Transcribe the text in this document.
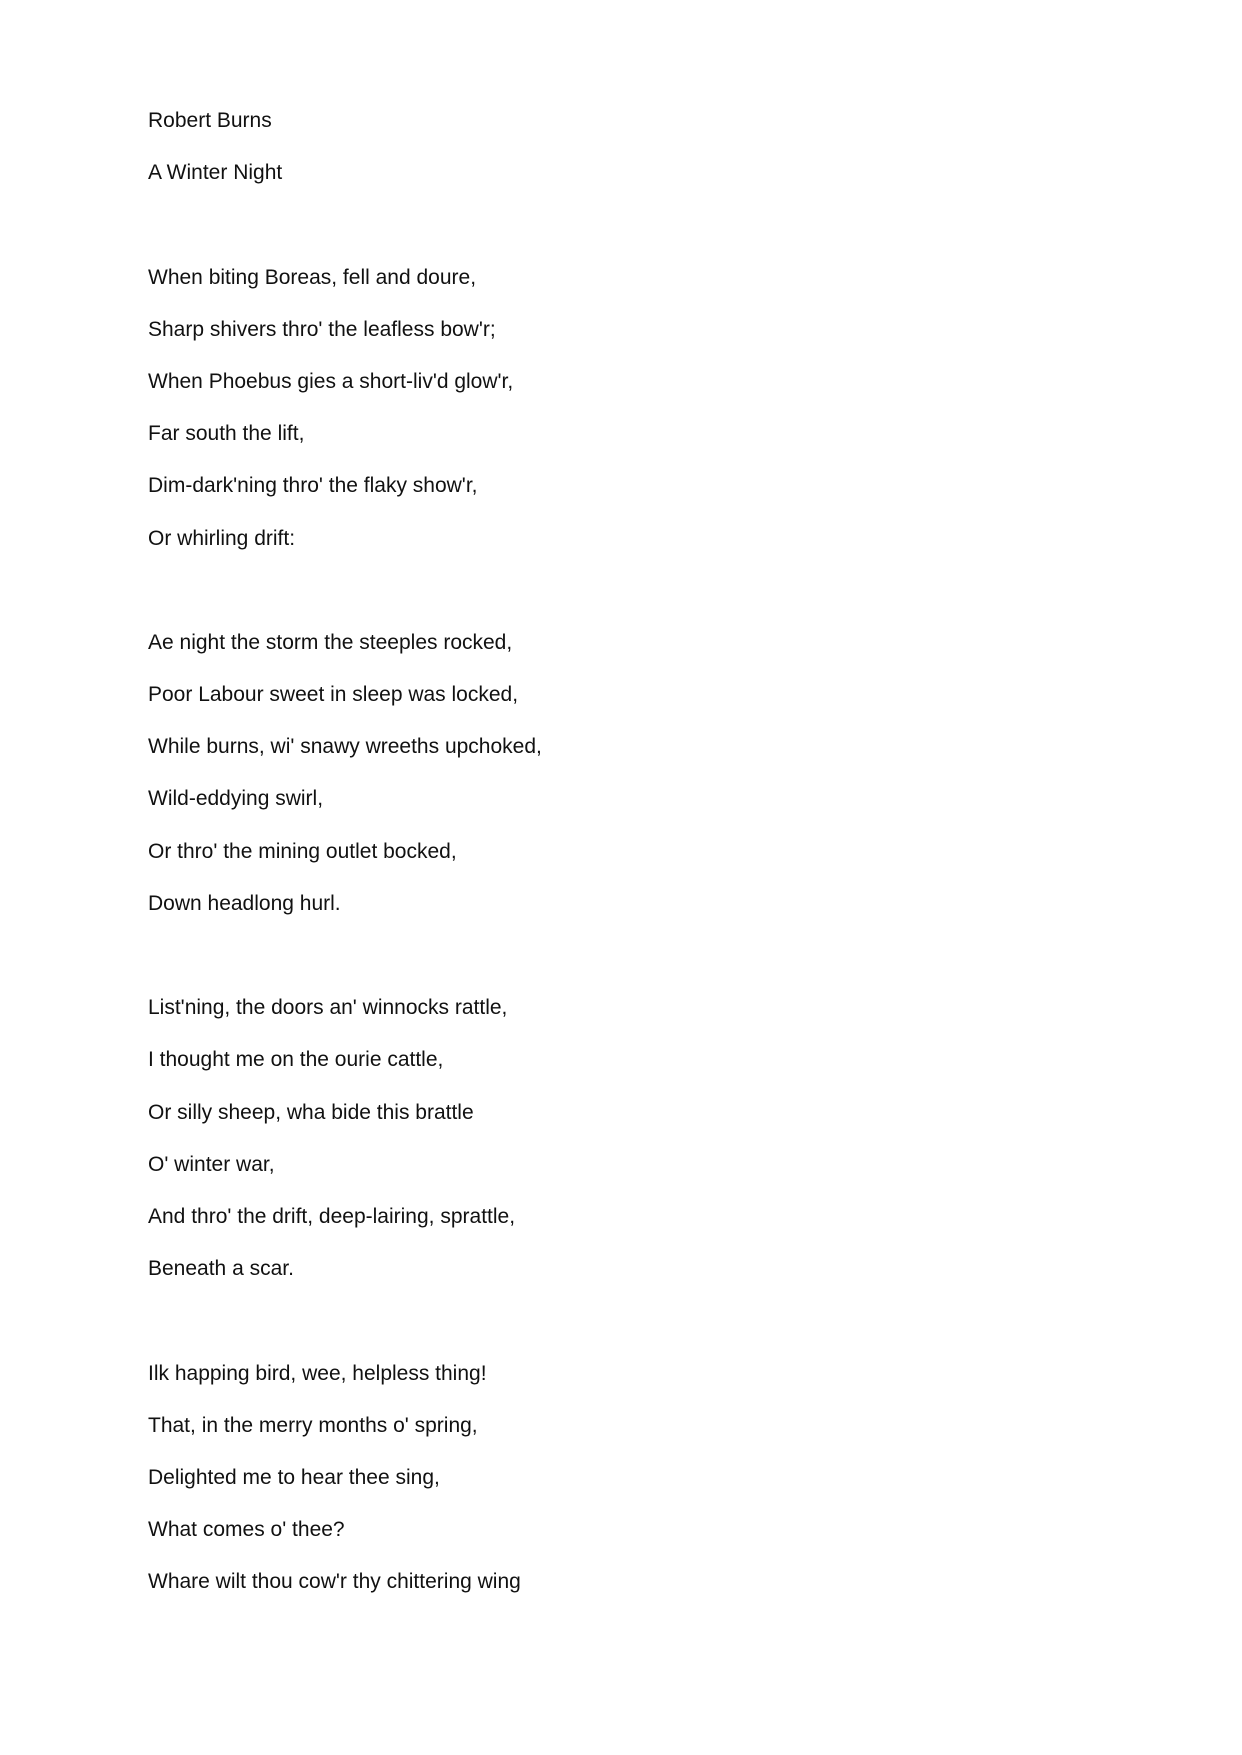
Robert Burns
A Winter Night
When biting Boreas, fell and doure,
Sharp shivers thro' the leafless bow'r;
When Phoebus gies a short-liv'd glow'r,
Far south the lift,
Dim-dark'ning thro' the flaky show'r,
Or whirling drift:
Ae night the storm the steeples rocked,
Poor Labour sweet in sleep was locked,
While burns, wi' snawy wreeths upchoked,
Wild-eddying swirl,
Or thro' the mining outlet bocked,
Down headlong hurl.
List'ning, the doors an' winnocks rattle,
I thought me on the ourie cattle,
Or silly sheep, wha bide this brattle
O' winter war,
And thro' the drift, deep-lairing, sprattle,
Beneath a scar.
Ilk happing bird, wee, helpless thing!
That, in the merry months o' spring,
Delighted me to hear thee sing,
What comes o' thee?
Whare wilt thou cow'r thy chittering wing
